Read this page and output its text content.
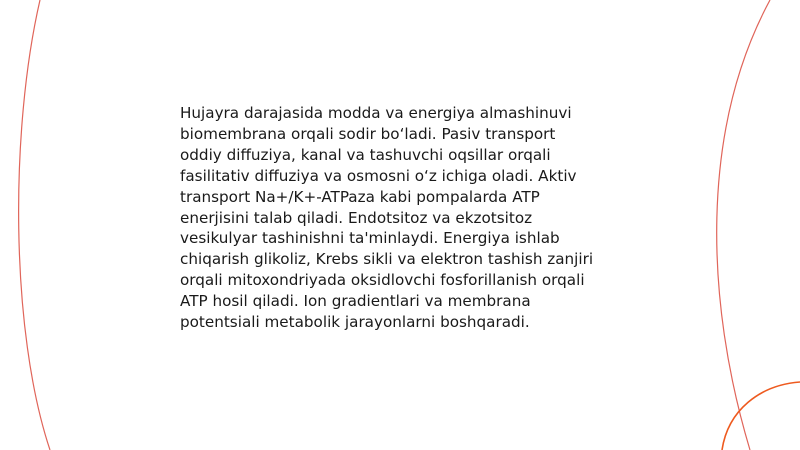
Hujayra darajasida modda va energiya almashinuvi
biomembrana orqali sodir bo‘ladi. Pasiv transport
oddiy diffuziya, kanal va tashuvchi oqsillar orqali
fasilitativ diffuziya va osmosni o‘z ichiga oladi. Aktiv
transport Na+/K+-ATPaza kabi pompalarda ATP
enerjisini talab qiladi. Endotsitoz va ekzotsitoz
vesikulyar tashinishni ta'minlaydi. Energiya ishlab
chiqarish glikoliz, Krebs sikli va elektron tashish zanjiri
orqali mitoxondriyada oksidlovchi fosforillanish orqali
ATP hosil qiladi. Ion gradientlari va membrana
potentsiali metabolik jarayonlarni boshqaradi.
